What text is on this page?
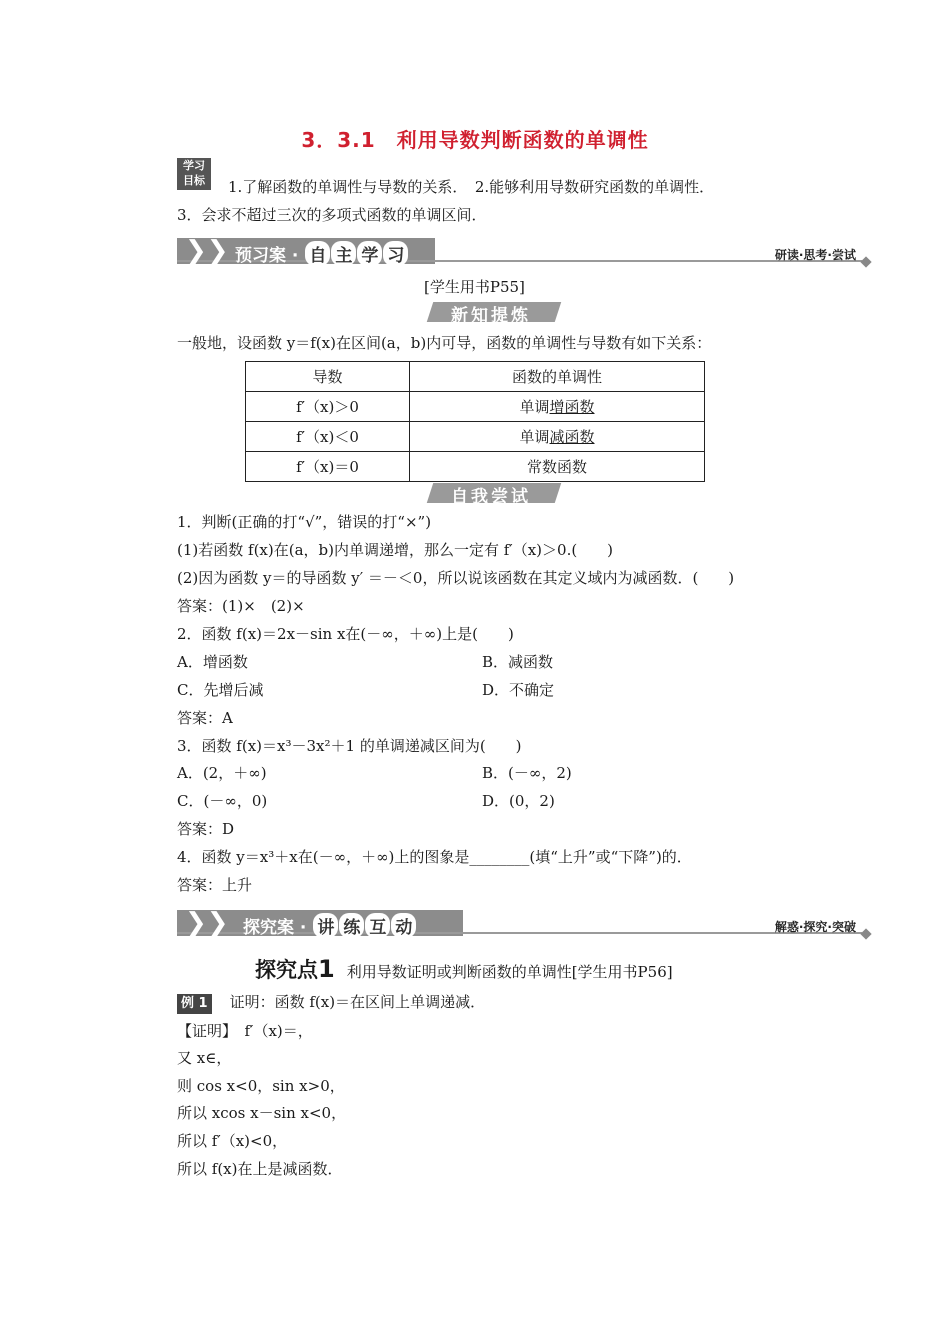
3．3.1　利用导数判断函数的单调性
学习
目标	1.了解函数的单调性与导数的关系．　2.能够利用导数研究函数的单调性．
3．会求不超过三次的多项式函数的单调区间．
❯❯ 预习案 · 自 主 学 习	研读·思考·尝试
[学生用书P55]
新知提炼
一般地，设函数 y＝f(x)在区间(a，b)内可导，函数的单调性与导数有如下关系：
导数	函数的单调性
f′（x)＞0	单调增函数
f′（x)＜0	单调减函数
f′（x)＝0	常数函数
自我尝试
1．判断(正确的打“√”，错误的打“×”)
(1)若函数 f(x)在(a，b)内单调递增，那么一定有 f′（x)＞0.(　　)
(2)因为函数 y＝的导函数 y′ ＝－＜0，所以说该函数在其定义域内为减函数．(　　)
答案：(1)×　(2)×
2．函数 f(x)＝2x－sin x在(－∞，＋∞)上是(　　)
A．增函数	B．减函数
C．先增后减	D．不确定
答案：A
3．函数 f(x)＝x³－3x²＋1 的单调递减区间为(　　)
A．(2，＋∞)	B．(－∞，2)
C．(－∞，0)	D．(0，2)
答案：D
4．函数 y＝x³＋x在(－∞，＋∞)上的图象是________(填“上升”或“下降”)的．
答案：上升
❯❯ 探究案 · 讲 练 互 动	解惑·探究·突破
探究点1 利用导数证明或判断函数的单调性[学生用书P56]
例 1 证明：函数 f(x)＝在区间上单调递减．
【证明】　f′（x)＝，
又 x∈，
则 cos x<0，sin x>0，
所以 xcos x－sin x<0，
所以 f′（x)<0，
所以 f(x)在上是减函数．
